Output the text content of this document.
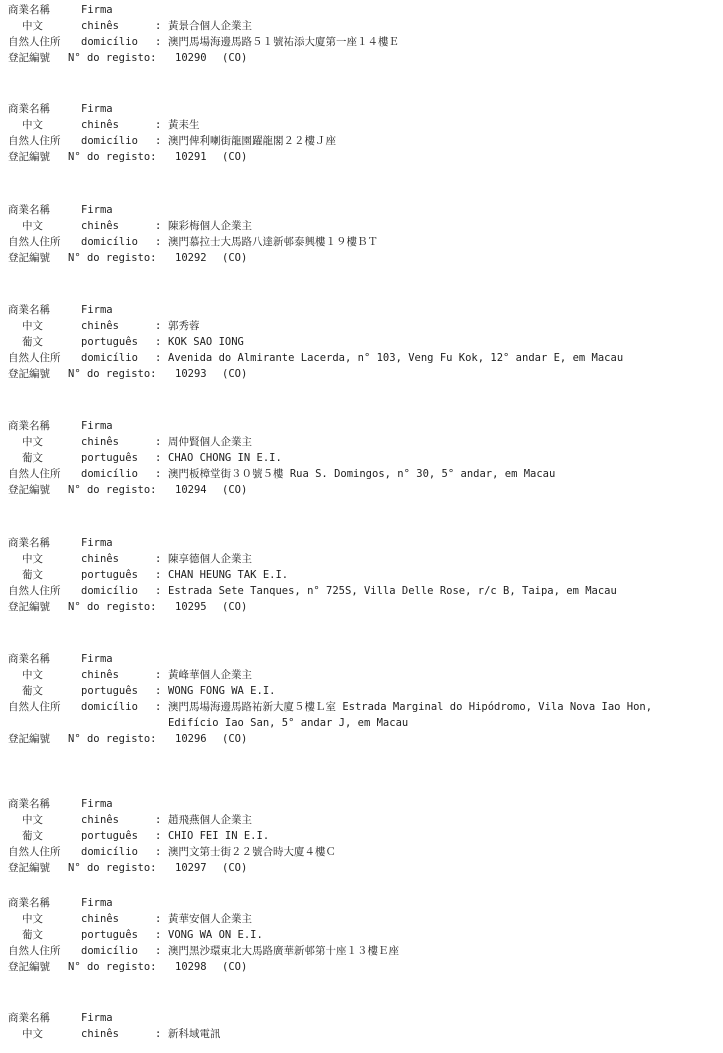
商業名稱	Firma
中文	chinês	: 黃景合個人企業主
自然人住所 domicílio : 澳門馬場海邊馬路５１號祐添大廈第一座１４樓Ｅ
登記編號 N° do registo: 10290 (CO)
商業名稱	Firma
中文	chinês	: 黃耒生
自然人住所 domicílio : 澳門俾利喇街龍園躍龍閣２２樓Ｊ座
登記編號 N° do registo: 10291 (CO)
商業名稱	Firma
中文	chinês	: 陳彩梅個人企業主
自然人住所 domicílio : 澳門慕拉士大馬路八達新邨泰興樓１９樓ＢＴ
登記編號 N° do registo: 10292 (CO)
商業名稱	Firma
中文	chinês	: 郭秀蓉
葡文	português : KOK SAO IONG
自然人住所 domicílio : Avenida do Almirante Lacerda, n° 103, Veng Fu Kok, 12° andar E, em Macau
登記編號 N° do registo: 10293 (CO)
商業名稱	Firma
中文	chinês	: 周仲賢個人企業主
葡文	português : CHAO CHONG IN E.I.
自然人住所 domicílio : 澳門板樟堂街３０號５樓 Rua S. Domingos, n° 30, 5° andar, em Macau
登記編號 N° do registo: 10294 (CO)
商業名稱	Firma
中文	chinês	: 陳享德個人企業主
葡文	português : CHAN HEUNG TAK E.I.
自然人住所 domicílio : Estrada Sete Tanques, n° 725S, Villa Delle Rose, r/c B, Taipa, em Macau
登記編號 N° do registo: 10295 (CO)
商業名稱	Firma
中文	chinês	: 黃峰華個人企業主
葡文	português : WONG FONG WA E.I.
自然人住所 domicílio : 澳門馬場海邊馬路祐新大廈５樓Ｌ室 Estrada Marginal do Hipódromo, Vila Nova Iao Hon, Edifício Iao San, 5° andar J, em Macau
登記編號 N° do registo: 10296 (CO)
商業名稱	Firma
中文	chinês	: 趙飛燕個人企業主
葡文	português : CHIO FEI IN E.I.
自然人住所 domicílio : 澳門文第士街２２號合時大廈４樓Ｃ
登記編號 N° do registo: 10297 (CO)
商業名稱	Firma
中文	chinês	: 黃華安個人企業主
葡文	português : VONG WA ON E.I.
自然人住所 domicílio : 澳門黑沙環東北大馬路廣華新邨第十座１３樓Ｅ座
登記編號 N° do registo: 10298 (CO)
商業名稱	Firma
中文	chinês	: 新科域電訊
